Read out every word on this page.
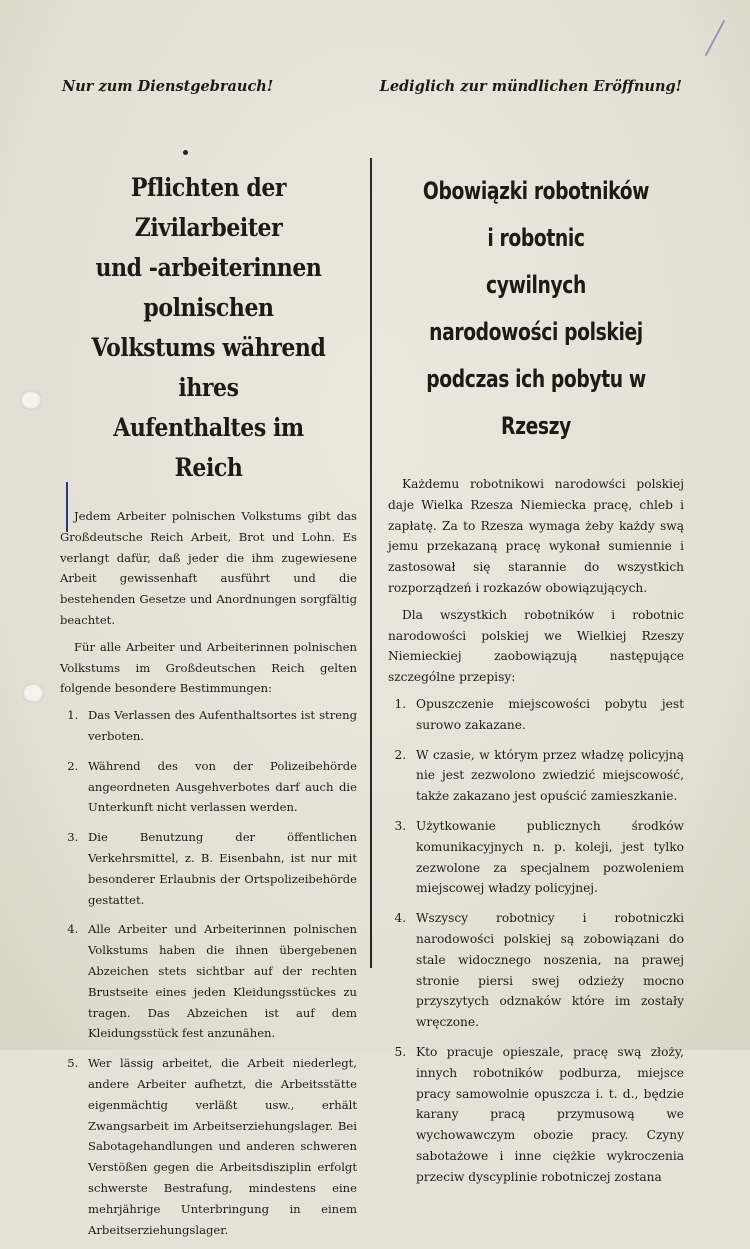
Nur zum Dienstgebrauch!	Lediglich zur mündlichen Eröffnung!
Pflichten der Zivilarbeiter
und -arbeiterinnen polnischen
Volkstums während ihres
Aufenthaltes im Reich

Jedem Arbeiter polnischen Volkstums gibt das Großdeutsche Reich Arbeit, Brot und Lohn. Es verlangt dafür, daß jeder die ihm zugewiesene Arbeit gewissenhaft ausführt und die bestehenden Gesetze und Anordnungen sorgfältig beachtet.

Für alle Arbeiter und Arbeiterinnen polnischen Volkstums im Großdeutschen Reich gelten folgende besondere Bestimmungen:

1. Das Verlassen des Aufenthaltsortes ist streng verboten.
2. Während des von der Polizeibehörde angeordneten Ausgehverbotes darf auch die Unterkunft nicht verlassen werden.
3. Die Benutzung der öffentlichen Verkehrsmittel, z. B. Eisenbahn, ist nur mit besonderer Erlaubnis der Ortspolizeibehörde gestattet.
4. Alle Arbeiter und Arbeiterinnen polnischen Volkstums haben die ihnen übergebenen Abzeichen stets sichtbar auf der rechten Brustseite eines jeden Kleidungsstückes zu tragen. Das Abzeichen ist auf dem Kleidungsstück fest anzunähen.
5. Wer lässig arbeitet, die Arbeit niederlegt, andere Arbeiter aufhetzt, die Arbeitsstätte eigenmächtig verläßt usw., erhält Zwangsarbeit im Arbeitserziehungslager. Bei Sabotagehandlungen und anderen schweren Verstößen gegen die Arbeitsdisziplin erfolgt schwerste Bestrafung, mindestens eine mehrjährige Unterbringung in einem Arbeitserziehungslager.
Obowiązki robotników i robotnic
cywilnych narodowości polskiej
podczas ich pobytu w Rzeszy

Każdemu robotnikowi narodowści polskiej daje Wielka Rzesza Niemiecka pracę, chleb i zapłatę. Za to Rzesza wymaga żeby każdy swą jemu przekazaną pracę wykonał sumiennie i zastosował się starannie do wszystkich rozporządzeń i rozkazów obowiązujących.

Dla wszystkich robotników i robotnic narodowości polskiej we Wielkiej Rzeszy Niemieckiej zaobowiązują następujące szczególne przepisy:

1. Opuszczenie miejscowości pobytu jest surowo zakazane.
2. W czasie, w którym przez władzę policyjną nie jest zezwolono zwiedzić miejscowość, także zakazano jest opuścić zamieszkanie.
3. Użytkowanie publicznych środków komunikacyjnych n. p. koleji, jest tylko zezwolone za specjalnem pozwoleniem miejscowej władzy policyjnej.
4. Wszyscy robotnicy i robotniczki narodowości polskiej są zobowiązani do stale widocznego noszenia, na prawej stronie piersi swej odzieży mocno przyszytych odznaków które im zostały wręczone.
5. Kto pracuje opieszale, pracę swą złoży, innych robotników podburza, miejsce pracy samowolnie opuszcza i. t. d., będzie karany pracą przymusową we wychowawczym obozie pracy. Czyny sabotażowe i inne ciężkie wykroczenia przeciw dyscyplinie robotniczej zostana
